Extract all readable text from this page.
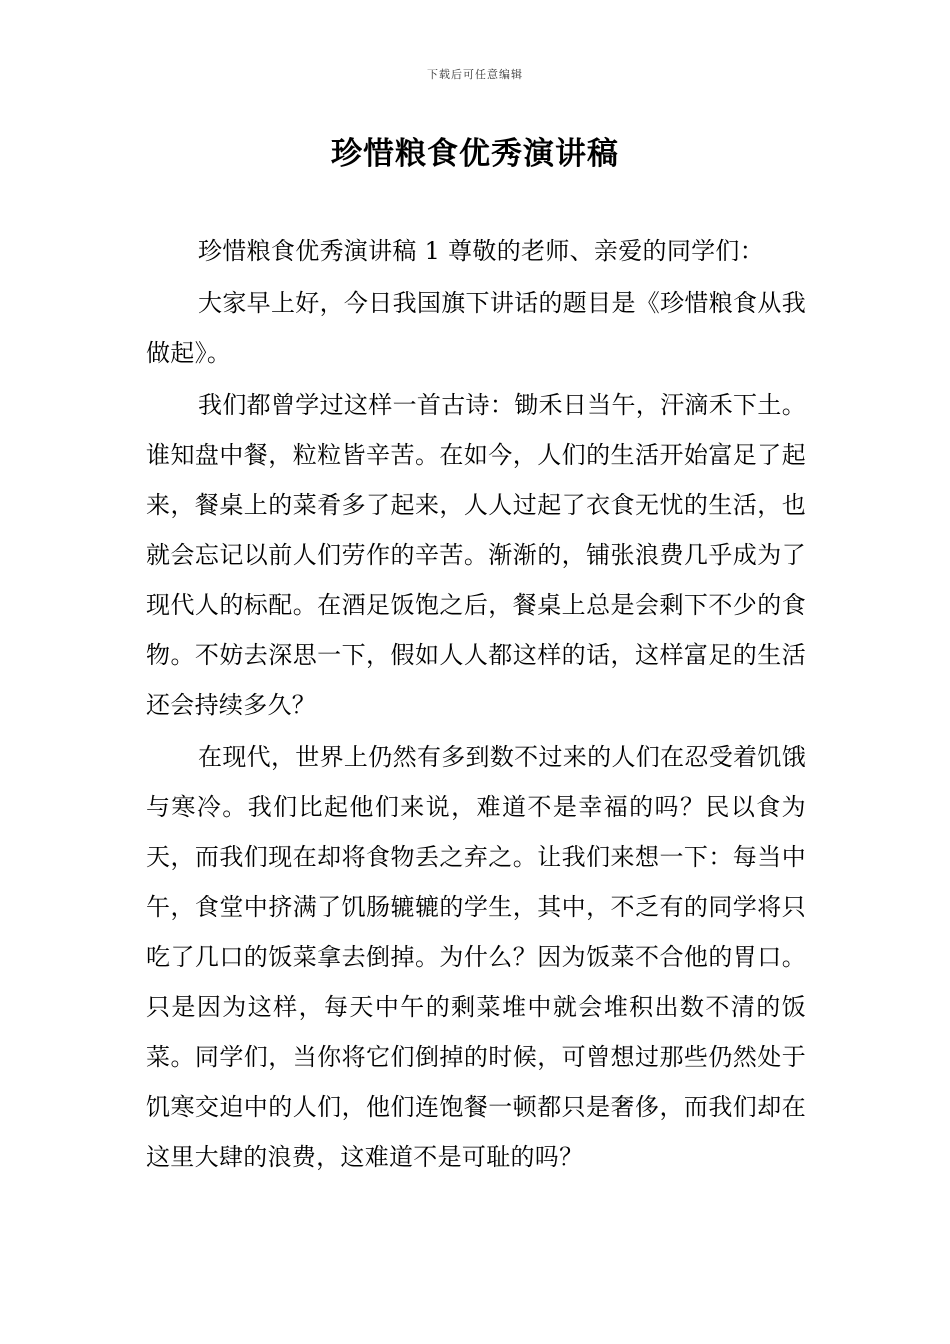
下载后可任意编辑
珍惜粮食优秀演讲稿

珍惜粮食优秀演讲稿 1 尊敬的老师、亲爱的同学们：

大家早上好，今日我国旗下讲话的题目是《珍惜粮食从我做起》。

我们都曾学过这样一首古诗：锄禾日当午，汗滴禾下土。谁知盘中餐，粒粒皆辛苦。在如今，人们的生活开始富足了起来，餐桌上的菜肴多了起来，人人过起了衣食无忧的生活，也就会忘记以前人们劳作的辛苦。渐渐的，铺张浪费几乎成为了现代人的标配。在酒足饭饱之后，餐桌上总是会剩下不少的食物。不妨去深思一下，假如人人都这样的话，这样富足的生活还会持续多久？

在现代，世界上仍然有多到数不过来的人们在忍受着饥饿与寒冷。我们比起他们来说，难道不是幸福的吗？民以食为天，而我们现在却将食物丢之弃之。让我们来想一下：每当中午，食堂中挤满了饥肠辘辘的学生，其中，不乏有的同学将只吃了几口的饭菜拿去倒掉。为什么？因为饭菜不合他的胃口。只是因为这样，每天中午的剩菜堆中就会堆积出数不清的饭菜。同学们，当你将它们倒掉的时候，可曾想过那些仍然处于饥寒交迫中的人们，他们连饱餐一顿都只是奢侈，而我们却在这里大肆的浪费，这难道不是可耻的吗？
